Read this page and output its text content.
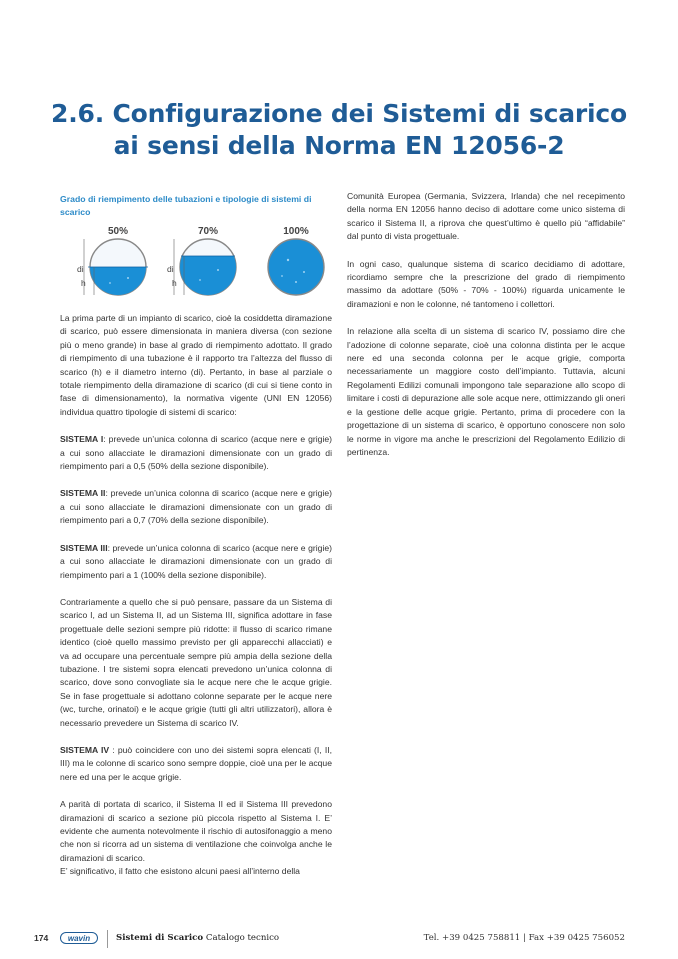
2.6. Configurazione dei Sistemi di scarico
ai sensi della Norma EN 12056-2
Grado di riempimento delle tubazioni e tipologie di sistemi di scarico
50%
di
h
70%
di
h
100%

La prima parte di un impianto di scarico, cioè la cosiddetta diramazione di scarico, può essere dimensionata in maniera diversa (con sezione più o meno grande) in base al grado di riempimento adottato. Il grado di riempimento di una tubazione è il rapporto tra l’altezza del flusso di scarico (h) e il diametro interno (di). Pertanto, in base al parziale o totale riempimento della diramazione di scarico (di cui si tiene conto in fase di dimensionamento), la normativa vigente (UNI EN 12056) individua quattro tipologie di sistemi di scarico:

SISTEMA I: prevede un’unica colonna di scarico (acque nere e grigie) a cui sono allacciate le diramazioni dimensionate con un grado di riempimento pari a 0,5 (50% della sezione disponibile).

SISTEMA II: prevede un’unica colonna di scarico (acque nere e grigie) a cui sono allacciate le diramazioni dimensionate con un grado di riempimento pari a 0,7 (70% della sezione disponibile).

SISTEMA III: prevede un’unica colonna di scarico (acque nere e grigie) a cui sono allacciate le diramazioni dimensionate con un grado di riempimento pari a 1 (100% della sezione disponibile).

Contrariamente a quello che si può pensare, passare da un Sistema di scarico I, ad un Sistema II, ad un Sistema III, significa adottare in fase progettuale delle sezioni sempre più ridotte: il flusso di scarico rimane identico (cioè quello massimo previsto per gli apparecchi allacciati) e va ad occupare una percentuale sempre più ampia della sezione della tubazione. I tre sistemi sopra elencati prevedono un’unica colonna di scarico, dove sono convogliate sia le acque nere che le acque grigie. Se in fase progettuale si adottano colonne separate per le acque nere (wc, turche, orinatoi) e le acque grigie (tutti gli altri utilizzatori), allora è necessario prevedere un Sistema di scarico IV.

SISTEMA IV : può coincidere con uno dei sistemi sopra elencati (I, II, III) ma le colonne di scarico sono sempre doppie, cioè una per le acque nere ed una per le acque grigie.

A parità di portata di scarico, il Sistema II ed il Sistema III prevedono diramazioni di scarico a sezione più piccola rispetto al Sistema I. E’ evidente che aumenta notevolmente il rischio di autosifonaggio a meno che non si ricorra ad un sistema di ventilazione che coinvolga anche le diramazioni di scarico.

E’ significativo, il fatto che esistono alcuni paesi all’interno della

Comunità Europea (Germania, Svizzera, Irlanda) che nel recepimento della norma EN 12056 hanno deciso di adottare come unico sistema di scarico il Sistema II, a riprova che quest’ultimo è quello più “affidabile” dal punto di vista progettuale.

In ogni caso, qualunque sistema di scarico decidiamo di adottare, ricordiamo sempre che la prescrizione del grado di riempimento massimo da adottare (50% - 70% - 100%) riguarda unicamente le diramazioni e non le colonne, né tantomeno i collettori.

In relazione alla scelta di un sistema di scarico IV, possiamo dire che l’adozione di colonne separate, cioè una colonna distinta per le acque nere ed una seconda colonna per le acque grigie, comporta necessariamente un maggiore costo dell’impianto. Tuttavia, alcuni Regolamenti Edilizi comunali impongono tale separazione allo scopo di limitare i costi di depurazione alle sole acque nere, ottimizzando gli oneri e la gestione delle acque grigie. Pertanto, prima di procedere con la progettazione di un sistema di scarico, è opportuno conoscere non solo le norme in vigore ma anche le prescrizioni del Regolamento Edilizio di pertinenza.

174	wavin	Sistemi di Scarico Catalogo tecnico	Tel. +39 0425 758811 | Fax +39 0425 756052
